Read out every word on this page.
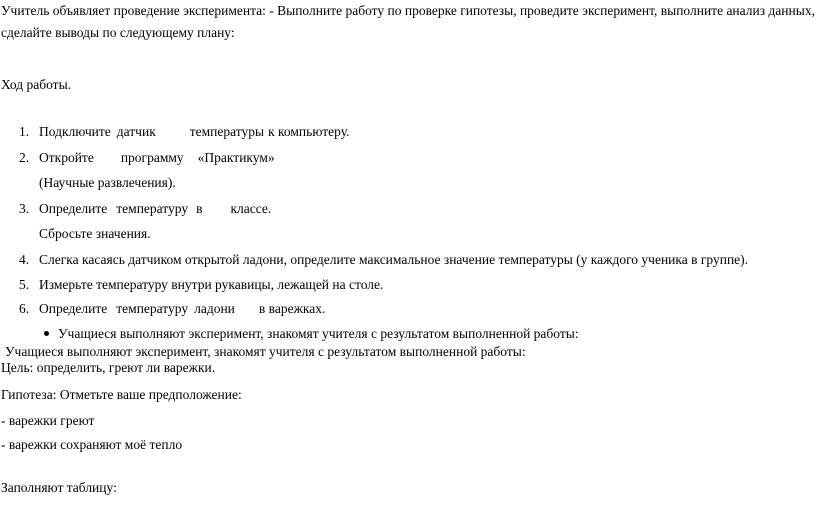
Учитель объявляет проведение эксперимента: - Выполните работу по проверке гипотезы, проведите эксперимент, выполните анализ данных,
сделайте выводы по следующему плану:
Ход работы.
1. Подключите датчик	температуры к компьютеру.
2. Откройте программу «Практикум»
(Научные развлечения).
3. Определите температуру в классе.
Сбросьте значения.
4. Слегка касаясь датчиком открытой ладони, определите максимальное значение температуры (у каждого ученика в группе).
5. Измерьте температуру внутри рукавицы, лежащей на столе.
6. Определите температуру ладони в варежках.
Учащиеся выполняют эксперимент, знакомят учителя с результатом выполненной работы:
Учащиеся выполняют эксперимент, знакомят учителя с результатом выполненной работы:
Цель: определить, греют ли варежки.
Гипотеза: Отметьте ваше предположение:
- варежки греют
- варежки сохраняют моё тепло
Заполняют таблицу:
